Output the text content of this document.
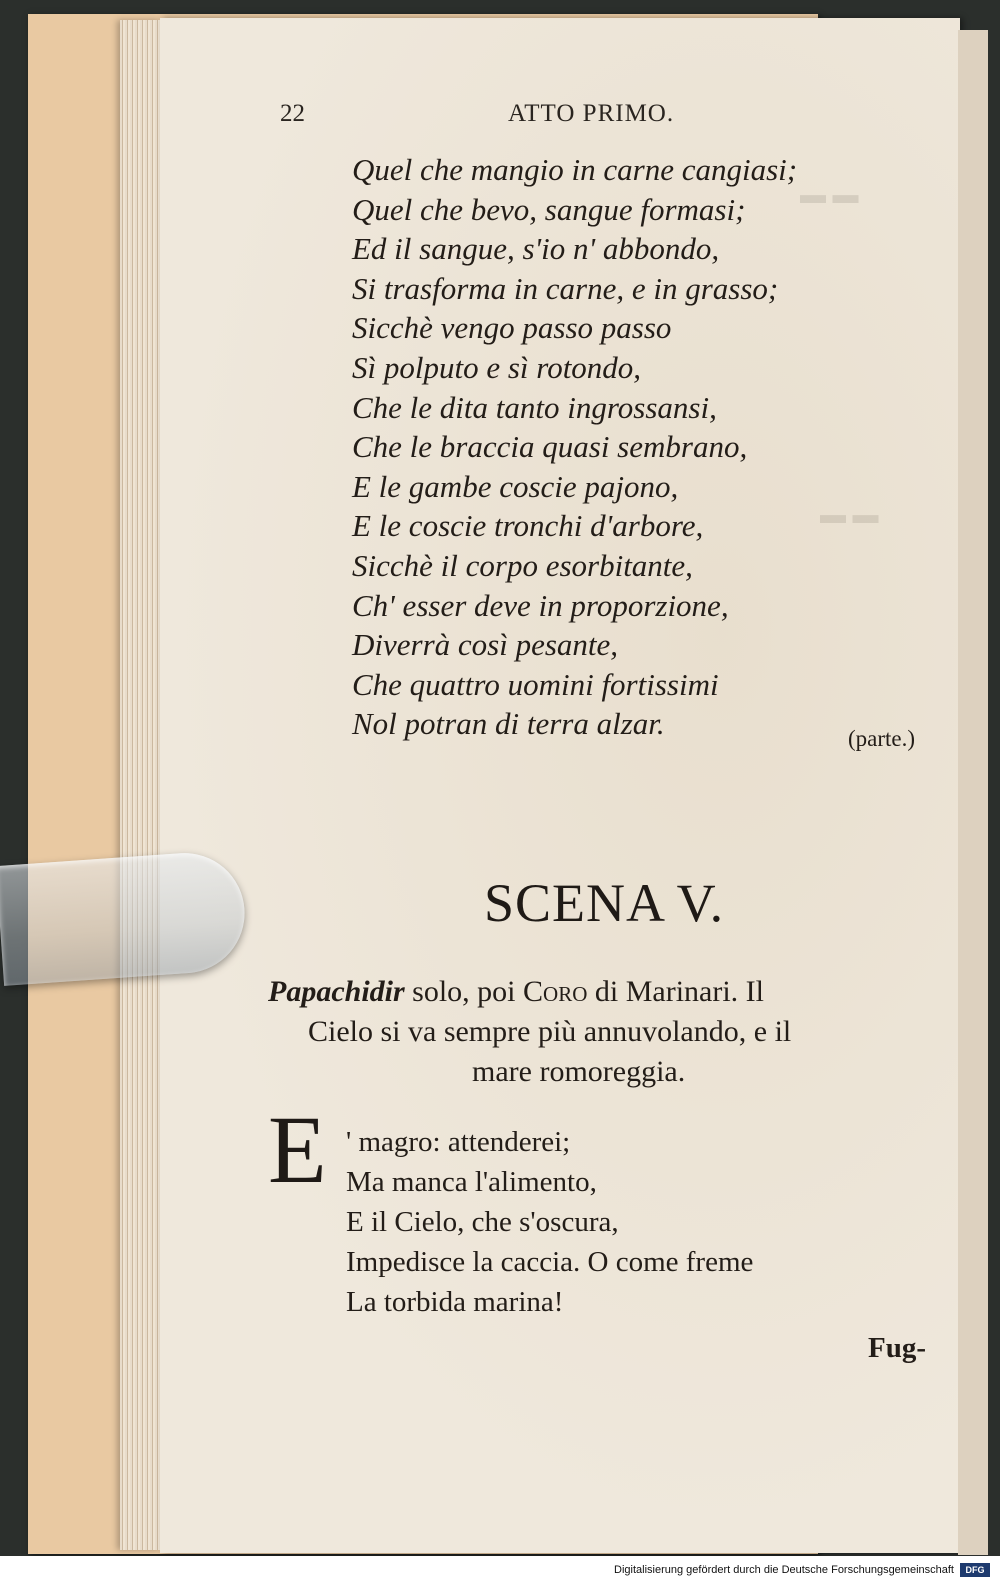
▬ ▬
▬ ▬
22	ATTO PRIMO.
Quel che mangio in carne cangiasi;
Quel che bevo, sangue formasi;
Ed il sangue, s'io n' abbondo,
Si trasforma in carne, e in grasso;
Sicchè vengo passo passo
Sì polputo e sì rotondo,
Che le dita tanto ingrossansi,
Che le braccia quasi sembrano,
E le gambe coscie pajono,
E le coscie tronchi d'arbore,
Sicchè il corpo esorbitante,
Ch' esser deve in proporzione,
Diverrà così pesante,
Che quattro uomini fortissimi
Nol potran di terra alzar.	(parte.)
SCENA V.
Papachidir solo, poi Coro di Marinari. Il
Cielo si va sempre più annuvolando, e il
mare romoreggia.
E ' magro: attenderei;
Ma manca l'alimento,
E il Cielo, che s'oscura,
Impedisce la caccia. O come freme
La torbida marina!
Fug-
Digitalisierung gefördert durch die Deutsche Forschungsgemeinschaft	DFG
